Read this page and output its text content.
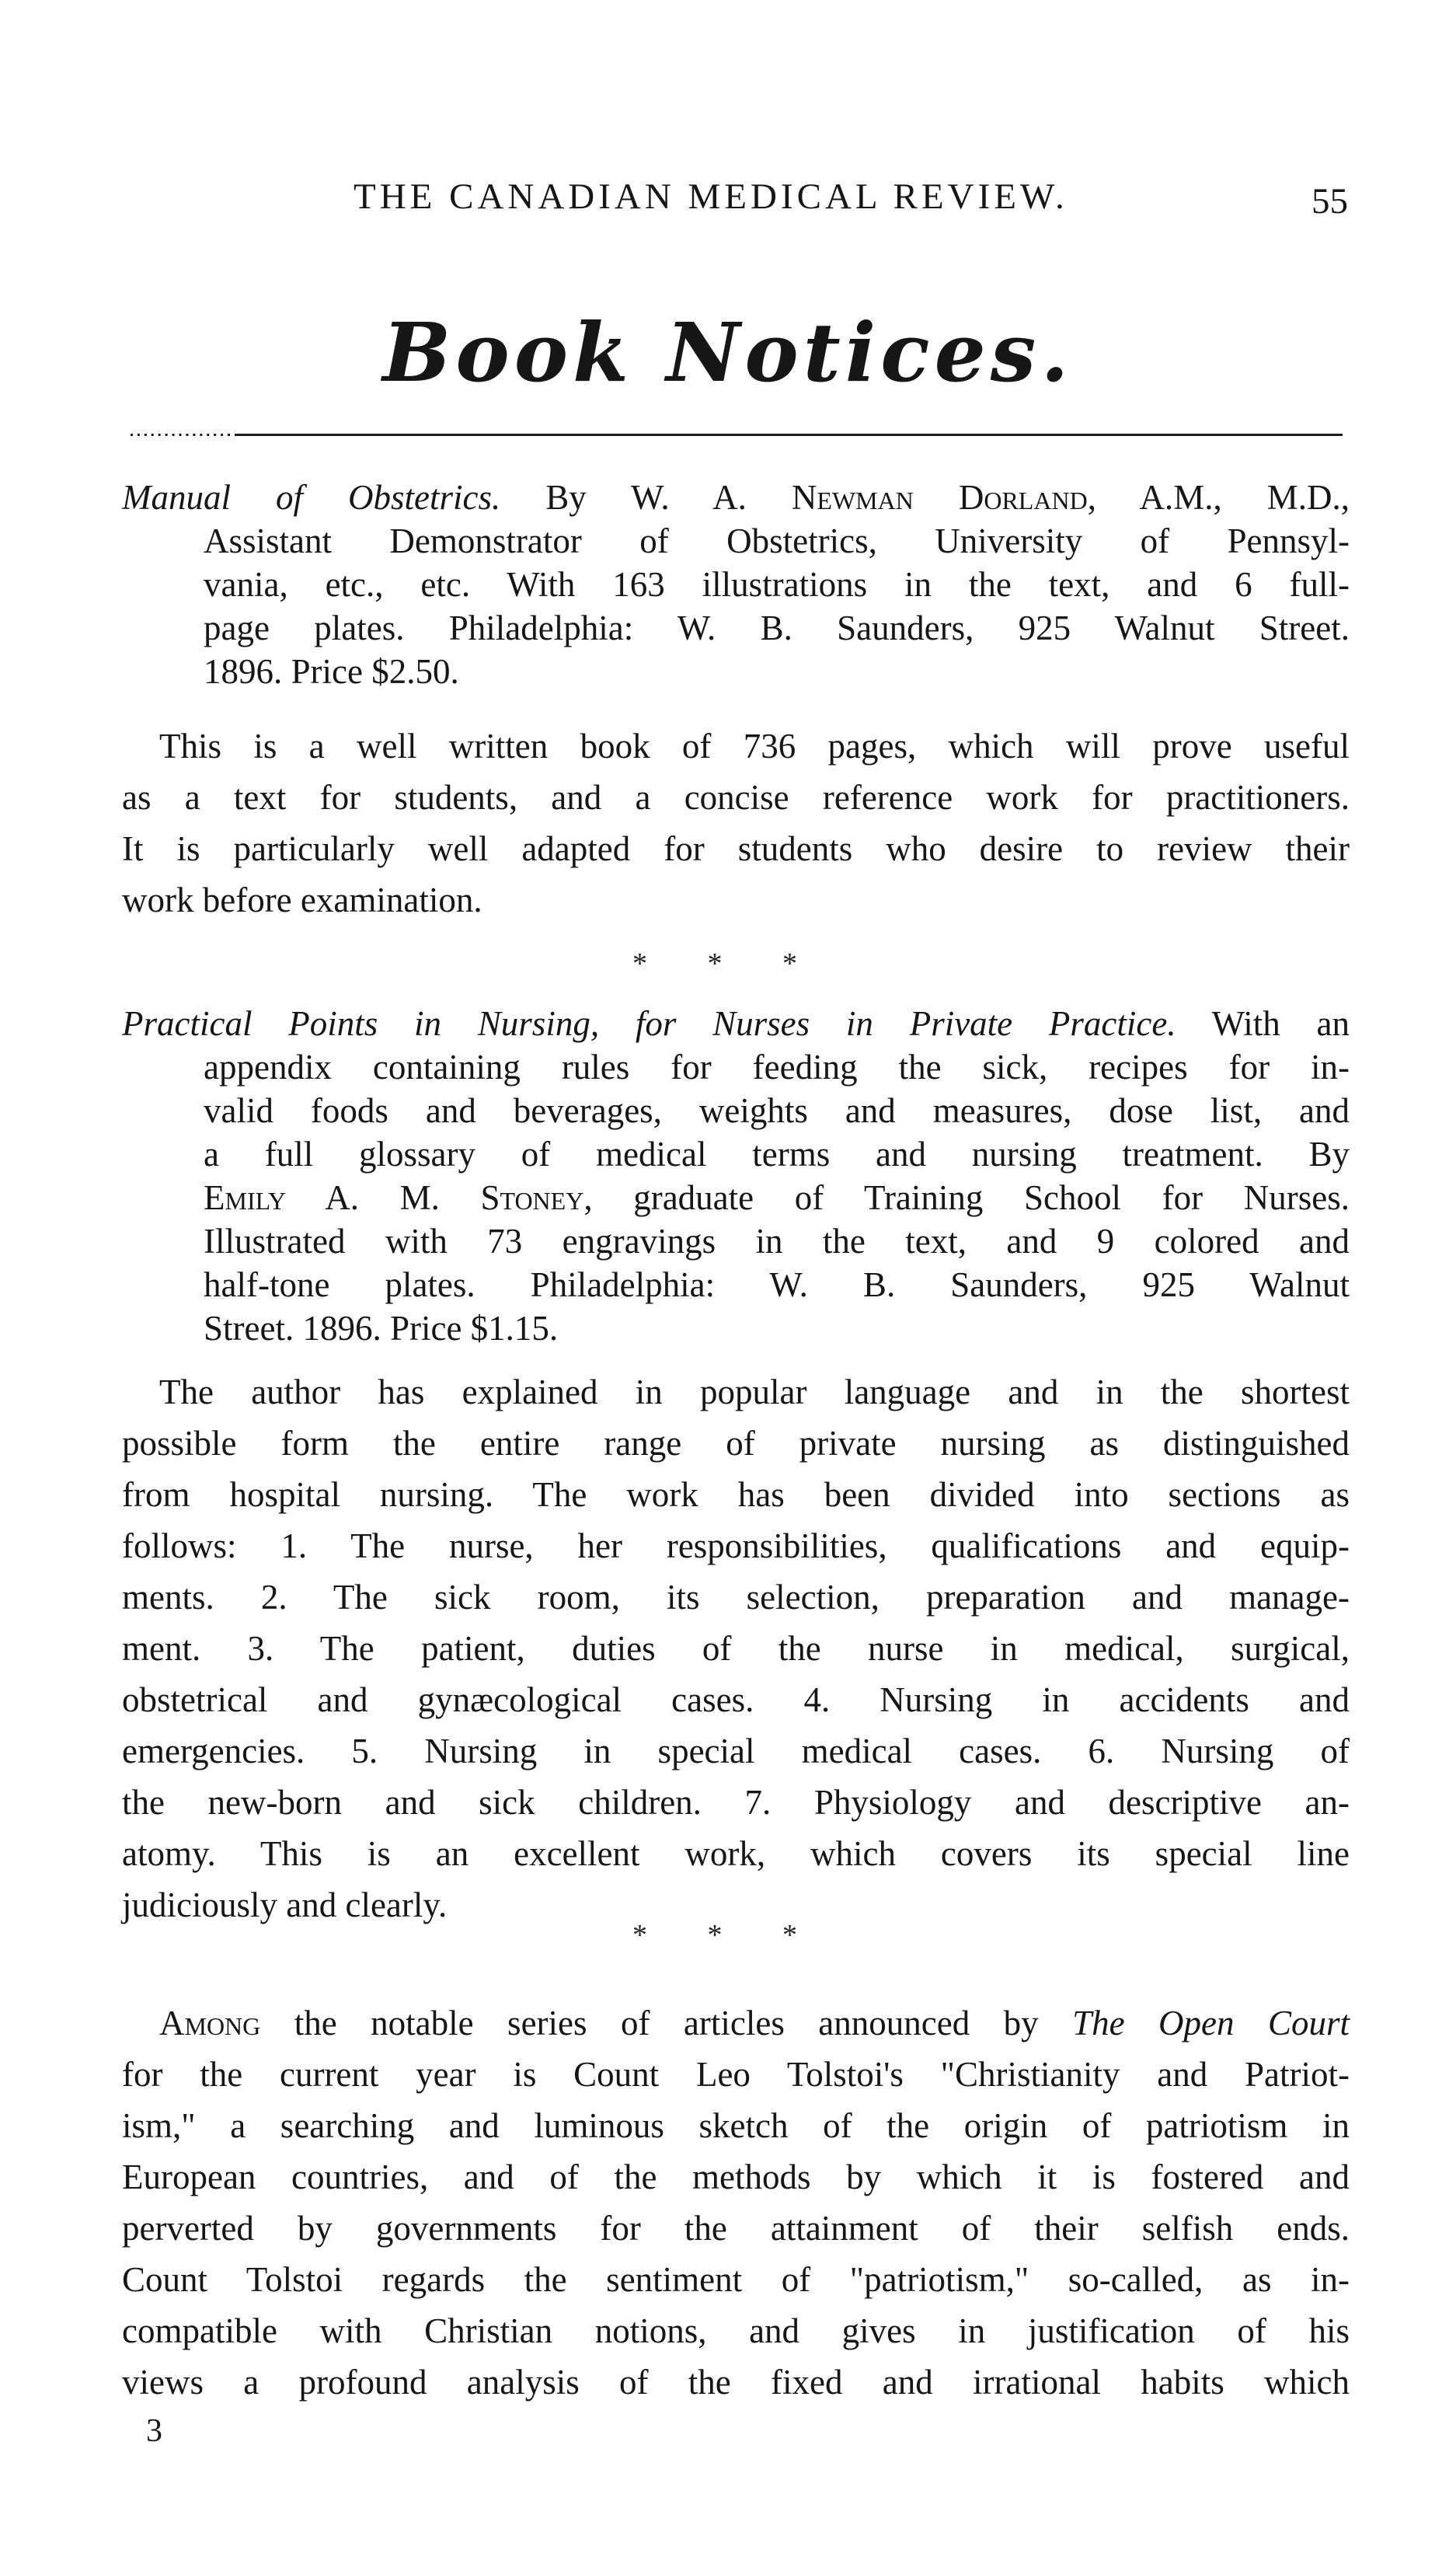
THE CANADIAN MEDICAL REVIEW.	55
Book Notices.
Manual of Obstetrics. By W. A. Newman Dorland, A.M., M.D.,
Assistant Demonstrator of Obstetrics, University of Pennsyl-
vania, etc., etc. With 163 illustrations in the text, and 6 full-
page plates. Philadelphia: W. B. Saunders, 925 Walnut Street.
1896. Price $2.50.
This is a well written book of 736 pages, which will prove useful
as a text for students, and a concise reference work for practitioners.
It is particularly well adapted for students who desire to review their
work before examination.
* * *
Practical Points in Nursing, for Nurses in Private Practice. With an
appendix containing rules for feeding the sick, recipes for in-
valid foods and beverages, weights and measures, dose list, and
a full glossary of medical terms and nursing treatment. By
Emily A. M. Stoney, graduate of Training School for Nurses.
Illustrated with 73 engravings in the text, and 9 colored and
half-tone plates. Philadelphia: W. B. Saunders, 925 Walnut
Street. 1896. Price $1.15.
The author has explained in popular language and in the shortest
possible form the entire range of private nursing as distinguished
from hospital nursing. The work has been divided into sections as
follows: 1. The nurse, her responsibilities, qualifications and equip-
ments. 2. The sick room, its selection, preparation and manage-
ment. 3. The patient, duties of the nurse in medical, surgical,
obstetrical and gynæcological cases. 4. Nursing in accidents and
emergencies. 5. Nursing in special medical cases. 6. Nursing of
the new-born and sick children. 7. Physiology and descriptive an-
atomy. This is an excellent work, which covers its special line
judiciously and clearly.
* * *
Among the notable series of articles announced by The Open Court
for the current year is Count Leo Tolstoi's "Christianity and Patriot-
ism," a searching and luminous sketch of the origin of patriotism in
European countries, and of the methods by which it is fostered and
perverted by governments for the attainment of their selfish ends.
Count Tolstoi regards the sentiment of "patriotism," so-called, as in-
compatible with Christian notions, and gives in justification of his
views a profound analysis of the fixed and irrational habits which
3
